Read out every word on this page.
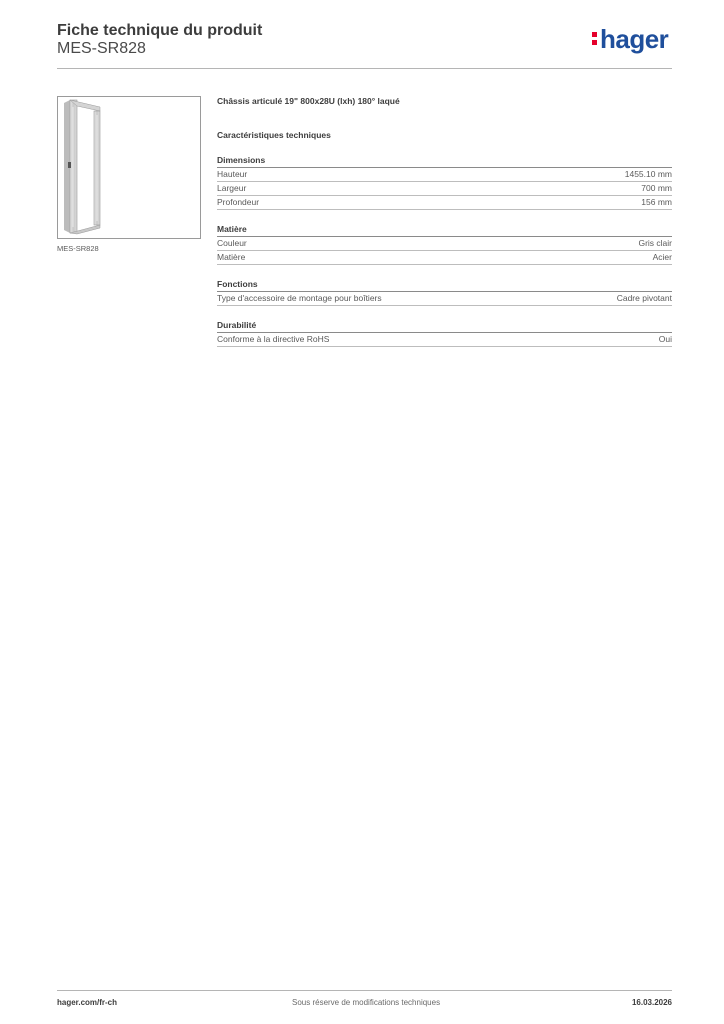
Fiche technique du produit
MES-SR828	hager
MES-SR828
Châssis articulé 19" 800x28U (lxh) 180° laqué
Caractéristiques techniques
Dimensions
Hauteur	1455.10 mm
Largeur	700 mm
Profondeur	156 mm
Matière
Couleur	Gris clair
Matière	Acier
Fonctions
Type d'accessoire de montage pour boîtiers	Cadre pivotant
Durabilité
Conforme à la directive RoHS	Oui
hager.com/fr-ch	Sous réserve de modifications techniques	16.03.2026
